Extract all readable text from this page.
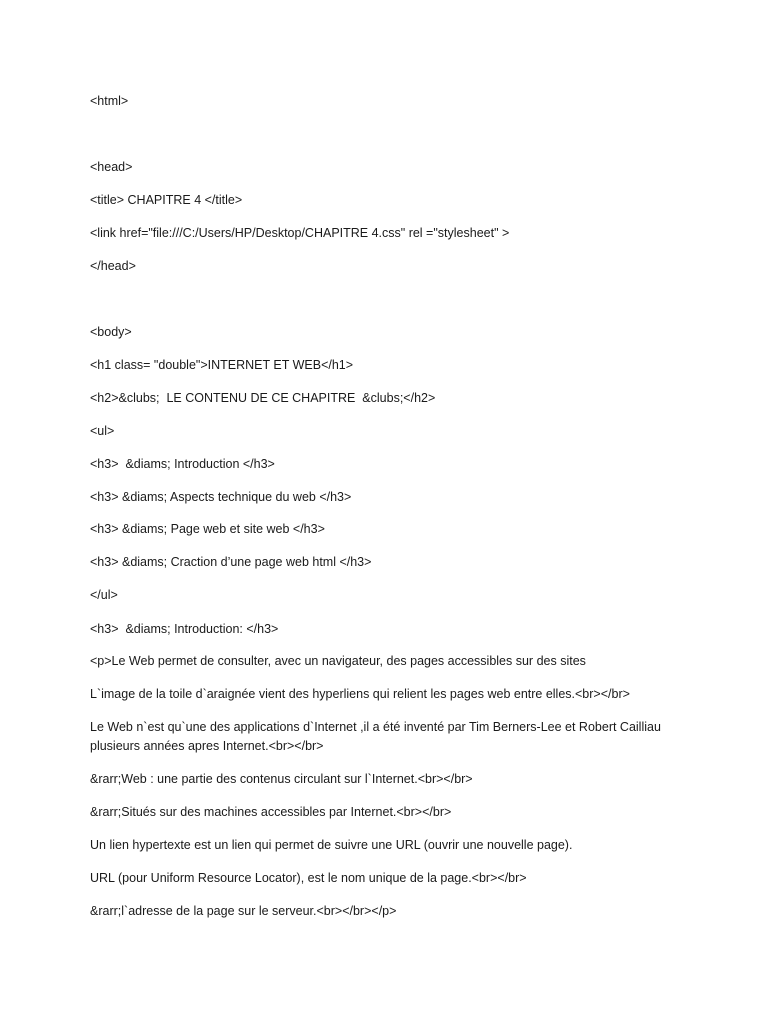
<html>

<head>

<title> CHAPITRE 4 </title>

<link href="file:///C:/Users/HP/Desktop/CHAPITRE 4.css" rel ="stylesheet" >

</head>

<body>

<h1 class= "double">INTERNET ET WEB</h1>

<h2>&clubs;  LE CONTENU DE CE CHAPITRE  &clubs;</h2>

<ul>

<h3>  &diams; Introduction </h3>

<h3> &diams; Aspects technique du web </h3>

<h3> &diams; Page web et site web </h3>

<h3> &diams; Craction d’une page web html </h3>

</ul>

<h3>  &diams; Introduction: </h3>

<p>Le Web permet de consulter, avec un navigateur, des pages accessibles sur des sites

L`image de la toile d`araignée vient des hyperliens qui relient les pages web entre elles.<br></br>

Le Web n`est qu`une des applications d`Internet ,il a été inventé par Tim Berners-Lee et Robert Cailliau plusieurs années apres Internet.<br></br>

&rarr;Web : une partie des contenus circulant sur l`Internet.<br></br>

&rarr;Situés sur des machines accessibles par Internet.<br></br>

Un lien hypertexte est un lien qui permet de suivre une URL (ouvrir une nouvelle page).

URL (pour Uniform Resource Locator), est le nom unique de la page.<br></br>

&rarr;l`adresse de la page sur le serveur.<br></br></p>
